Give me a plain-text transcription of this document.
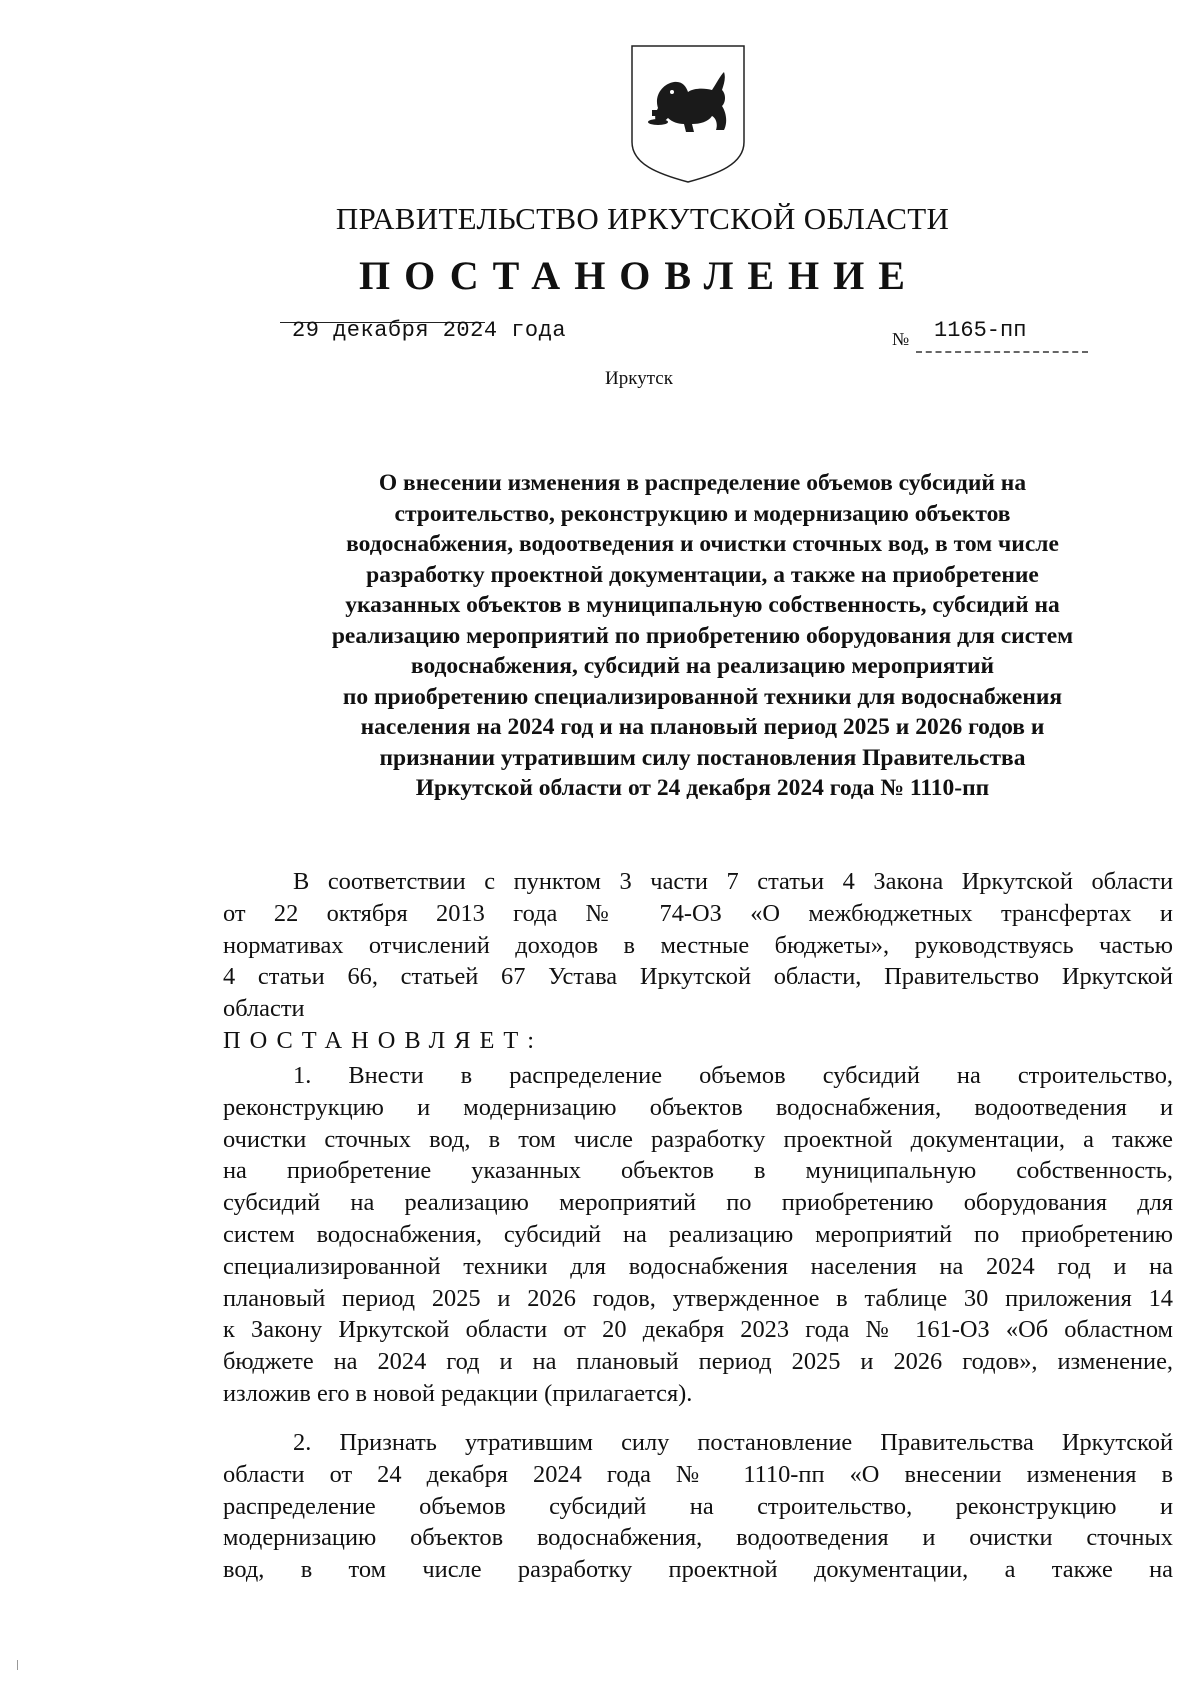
ПРАВИТЕЛЬСТВО ИРКУТСКОЙ ОБЛАСТИ
ПОСТАНОВЛЕНИЕ
29 декабря 2024 года	№ 1165-пп
Иркутск
О внесении изменения в распределение объемов субсидий на
строительство, реконструкцию и модернизацию объектов
водоснабжения, водоотведения и очистки сточных вод, в том числе
разработку проектной документации, а также на приобретение
указанных объектов в муниципальную собственность, субсидий на
реализацию мероприятий по приобретению оборудования для систем
водоснабжения, субсидий на реализацию мероприятий
по приобретению специализированной техники для водоснабжения
населения на 2024 год и на плановый период 2025 и 2026 годов и
признании утратившим силу постановления Правительства
Иркутской области от 24 декабря 2024 года № 1110-пп
В соответствии с пунктом 3 части 7 статьи 4 Закона Иркутской области
от 22 октября 2013 года № 74-ОЗ «О межбюджетных трансфертах и
нормативах отчислений доходов в местные бюджеты», руководствуясь частью
4 статьи 66, статьей 67 Устава Иркутской области, Правительство Иркутской
области
ПОСТАНОВЛЯЕТ:
1. Внести в распределение объемов субсидий на строительство,
реконструкцию и модернизацию объектов водоснабжения, водоотведения и
очистки сточных вод, в том числе разработку проектной документации, а также
на приобретение указанных объектов в муниципальную собственность,
субсидий на реализацию мероприятий по приобретению оборудования для
систем водоснабжения, субсидий на реализацию мероприятий по приобретению
специализированной техники для водоснабжения населения на 2024 год и на
плановый период 2025 и 2026 годов, утвержденное в таблице 30 приложения 14
к Закону Иркутской области от 20 декабря 2023 года № 161-ОЗ «Об областном
бюджете на 2024 год и на плановый период 2025 и 2026 годов», изменение,
изложив его в новой редакции (прилагается).
2. Признать утратившим силу постановление Правительства Иркутской
области от 24 декабря 2024 года № 1110-пп «О внесении изменения в
распределение объемов субсидий на строительство, реконструкцию и
модернизацию объектов водоснабжения, водоотведения и очистки сточных
вод, в том числе разработку проектной документации, а также на
